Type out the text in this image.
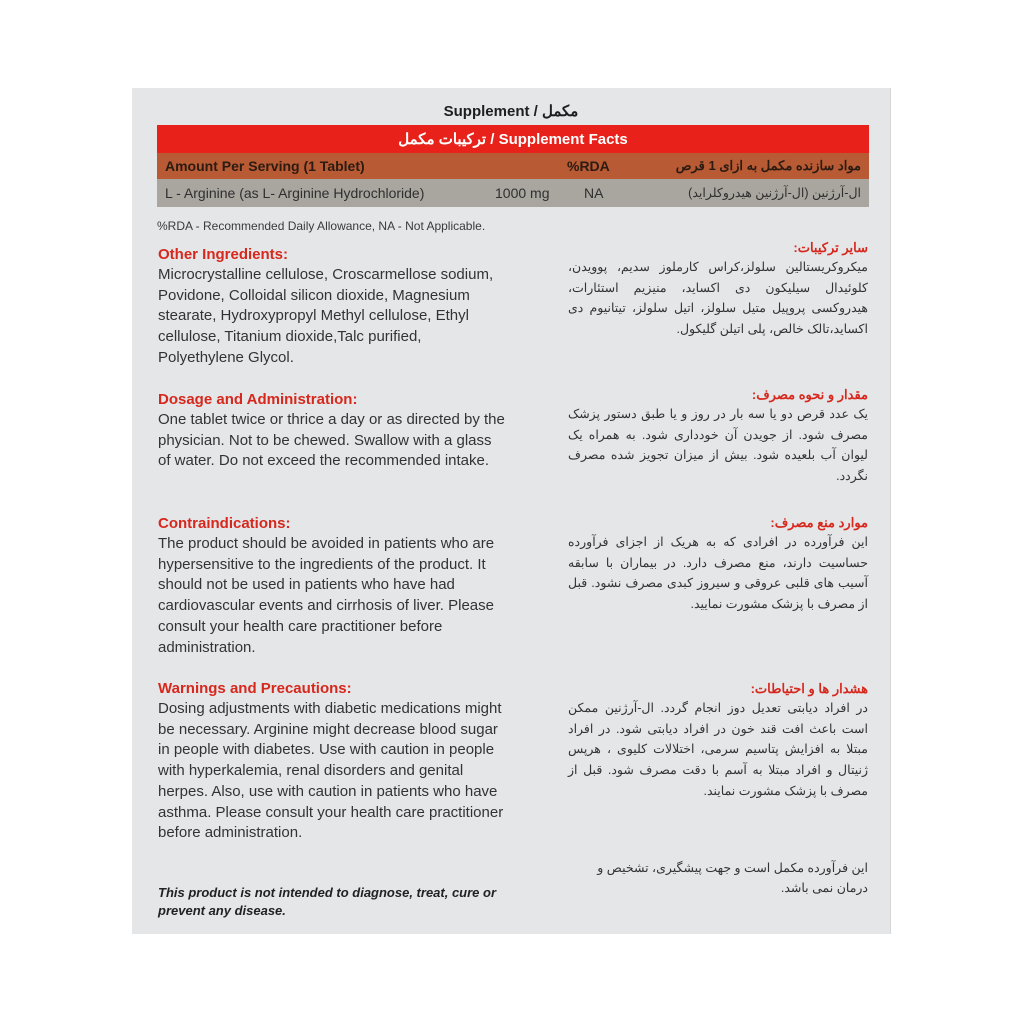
Supplement / مکمل
ترکیبات مکمل / Supplement Facts
Amount Per Serving (1 Tablet)	%RDA	مواد سازنده مکمل به ازای 1 قرص
L - Arginine (as L- Arginine Hydrochloride)	1000 mg NA	ال-آرژنین (ال-آرژنین هیدروکلراید)
%RDA - Recommended Daily Allowance, NA - Not Applicable.
Other Ingredients:

Microcrystalline cellulose, Croscarmellose sodium, Povidone, Colloidal silicon dioxide, Magnesium stearate, Hydroxypropyl Methyl cellulose, Ethyl cellulose, Titanium dioxide,Talc purified, Polyethylene Glycol.

Dosage and Administration:

One tablet twice or thrice a day or as directed by the physician. Not to be chewed. Swallow with a glass of water. Do not exceed the recommended intake.

Contraindications:

The product should be avoided in patients who are hypersensitive to the ingredients of the product. It should not be used in patients who have had cardiovascular events and cirrhosis of liver. Please consult your health care practitioner before administration.

Warnings and Precautions:

Dosing adjustments with diabetic medications might be necessary. Arginine might decrease blood sugar in people with diabetes. Use with caution in people with hyperkalemia, renal disorders and genital herpes. Also, use with caution in patients who have asthma. Please consult your health care practitioner before administration.

This product is not intended to diagnose, treat, cure or prevent any disease.
سایر ترکیبات:

میکروکریستالین سلولز،کراس کارملوز سدیم، پوویدن، کلوئیدال سیلیکون دی اکساید، منیزیم استئارات، هیدروکسی پروپیل متیل سلولز، اتیل سلولز، تیتانیوم دی اکساید،تالک خالص، پلی اتیلن گلیکول.

مقدار و نحوه مصرف:

یک عدد قرص دو یا سه بار در روز و یا طبق دستور پزشک مصرف شود. از جویدن آن خودداری شود. به همراه یک لیوان آب بلعیده شود. بیش از میزان تجویز شده مصرف نگردد.

موارد منع مصرف:

این فرآورده در افرادی که به هریک از اجزای فرآورده حساسیت دارند، منع مصرف دارد. در بیماران با سابقه آسیب های قلبی عروقی و سیروز کبدی مصرف نشود. قبل از مصرف با پزشک مشورت نمایید.

هشدار ها و احتیاطات:

در افراد دیابتی تعدیل دوز انجام گردد. ال-آرژنین ممکن است باعث افت قند خون در افراد دیابتی شود. در افراد مبتلا به افزایش پتاسیم سرمی، اختلالات کلیوی ، هرپس ژنیتال و افراد مبتلا به آسم با دقت مصرف شود. قبل از مصرف با پزشک مشورت نمایند.

این فرآورده مکمل است و جهت پیشگیری، تشخیص و درمان نمی باشد.
